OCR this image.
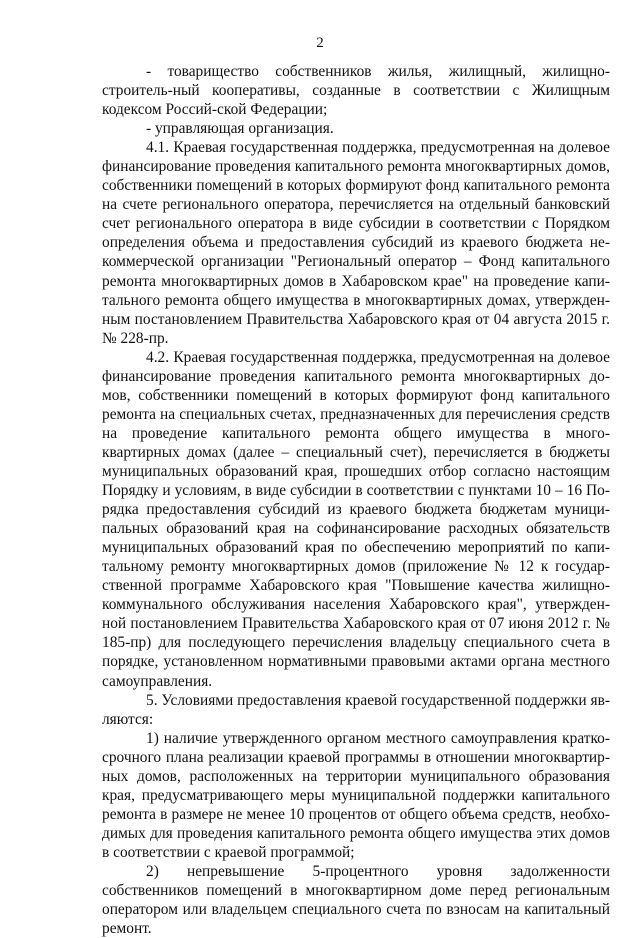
2

- товарищество собственников жилья, жилищный, жилищно-строитель-ный кооперативы, созданные в соответствии с Жилищным кодексом Россий-ской Федерации;

- управляющая организация.

4.1. Краевая государственная поддержка, предусмотренная на долевое финансирование проведения капитального ремонта многоквартирных домов, собственники помещений в которых формируют фонд капитального ремонта на счете регионального оператора, перечисляется на отдельный банковский счет регионального оператора в виде субсидии в соответствии с Порядком определения объема и предоставления субсидий из краевого бюджета не-коммерческой организации "Региональный оператор – Фонд капитального ремонта многоквартирных домов в Хабаровском крае" на проведение капи-тального ремонта общего имущества в многоквартирных домах, утвержден-ным постановлением Правительства Хабаровского края от 04 августа 2015 г. № 228-пр.

4.2. Краевая государственная поддержка, предусмотренная на долевое финансирование проведения капитального ремонта многоквартирных до-мов, собственники помещений в которых формируют фонд капитального ремонта на специальных счетах, предназначенных для перечисления средств на проведение капитального ремонта общего имущества в много-квартирных домах (далее – специальный счет), перечисляется в бюджеты муниципальных образований края, прошедших отбор согласно настоящим Порядку и условиям, в виде субсидии в соответствии с пунктами 10 – 16 По-рядка предоставления субсидий из краевого бюджета бюджетам муници-пальных образований края на софинансирование расходных обязательств муниципальных образований края по обеспечению мероприятий по капи-тальному ремонту многоквартирных домов (приложение № 12 к государ-ственной программе Хабаровского края "Повышение качества жилищно-коммунального обслуживания населения Хабаровского края", утвержден-ной постановлением Правительства Хабаровского края от 07 июня 2012 г. № 185-пр) для последующего перечисления владельцу специального счета в порядке, установленном нормативными правовыми актами органа местного самоуправления.

5. Условиями предоставления краевой государственной поддержки яв-ляются:

1) наличие утвержденного органом местного самоуправления кратко-срочного плана реализации краевой программы в отношении многоквартир-ных домов, расположенных на территории муниципального образования края, предусматривающего меры муниципальной поддержки капитального ремонта в размере не менее 10 процентов от общего объема средств, необхо-димых для проведения капитального ремонта общего имущества этих домов в соответствии с краевой программой;

2) непревышение 5-процентного уровня задолженности собственников помещений в многоквартирном доме перед региональным оператором или владельцем специального счета по взносам на капитальный ремонт.
